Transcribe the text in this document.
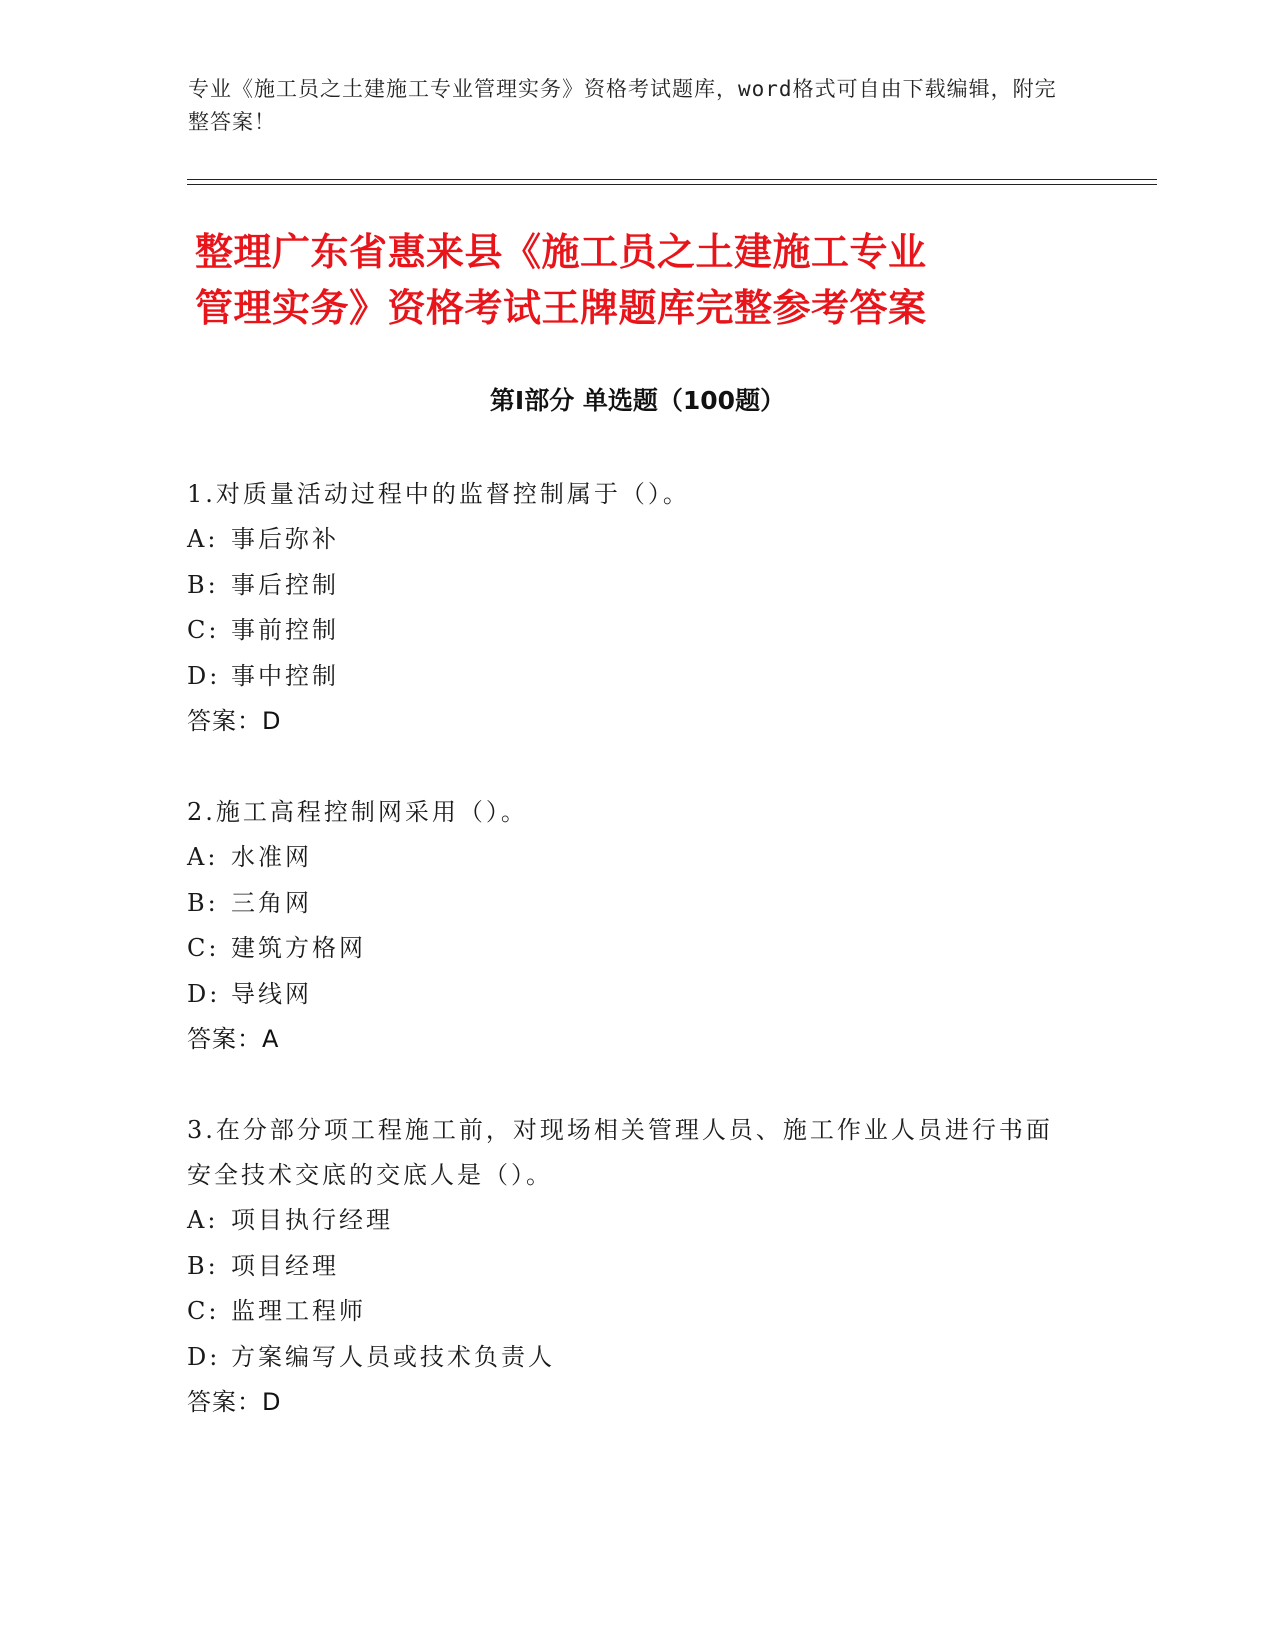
专业《施工员之土建施工专业管理实务》资格考试题库，word格式可自由下载编辑，附完整答案！

整理广东省惠来县《施工员之土建施工专业
管理实务》资格考试王牌题库完整参考答案
第Ⅰ部分 单选题（100题）

1.对质量活动过程中的监督控制属于（）。

A: 事后弥补

B: 事后控制

C: 事前控制

D: 事中控制

答案：D

2.施工高程控制网采用（）。

A: 水准网

B: 三角网

C: 建筑方格网

D: 导线网

答案：A

3.在分部分项工程施工前，对现场相关管理人员、施工作业人员进行书面安全技术交底的交底人是（）。

A: 项目执行经理

B: 项目经理

C: 监理工程师

D: 方案编写人员或技术负责人

答案：D
